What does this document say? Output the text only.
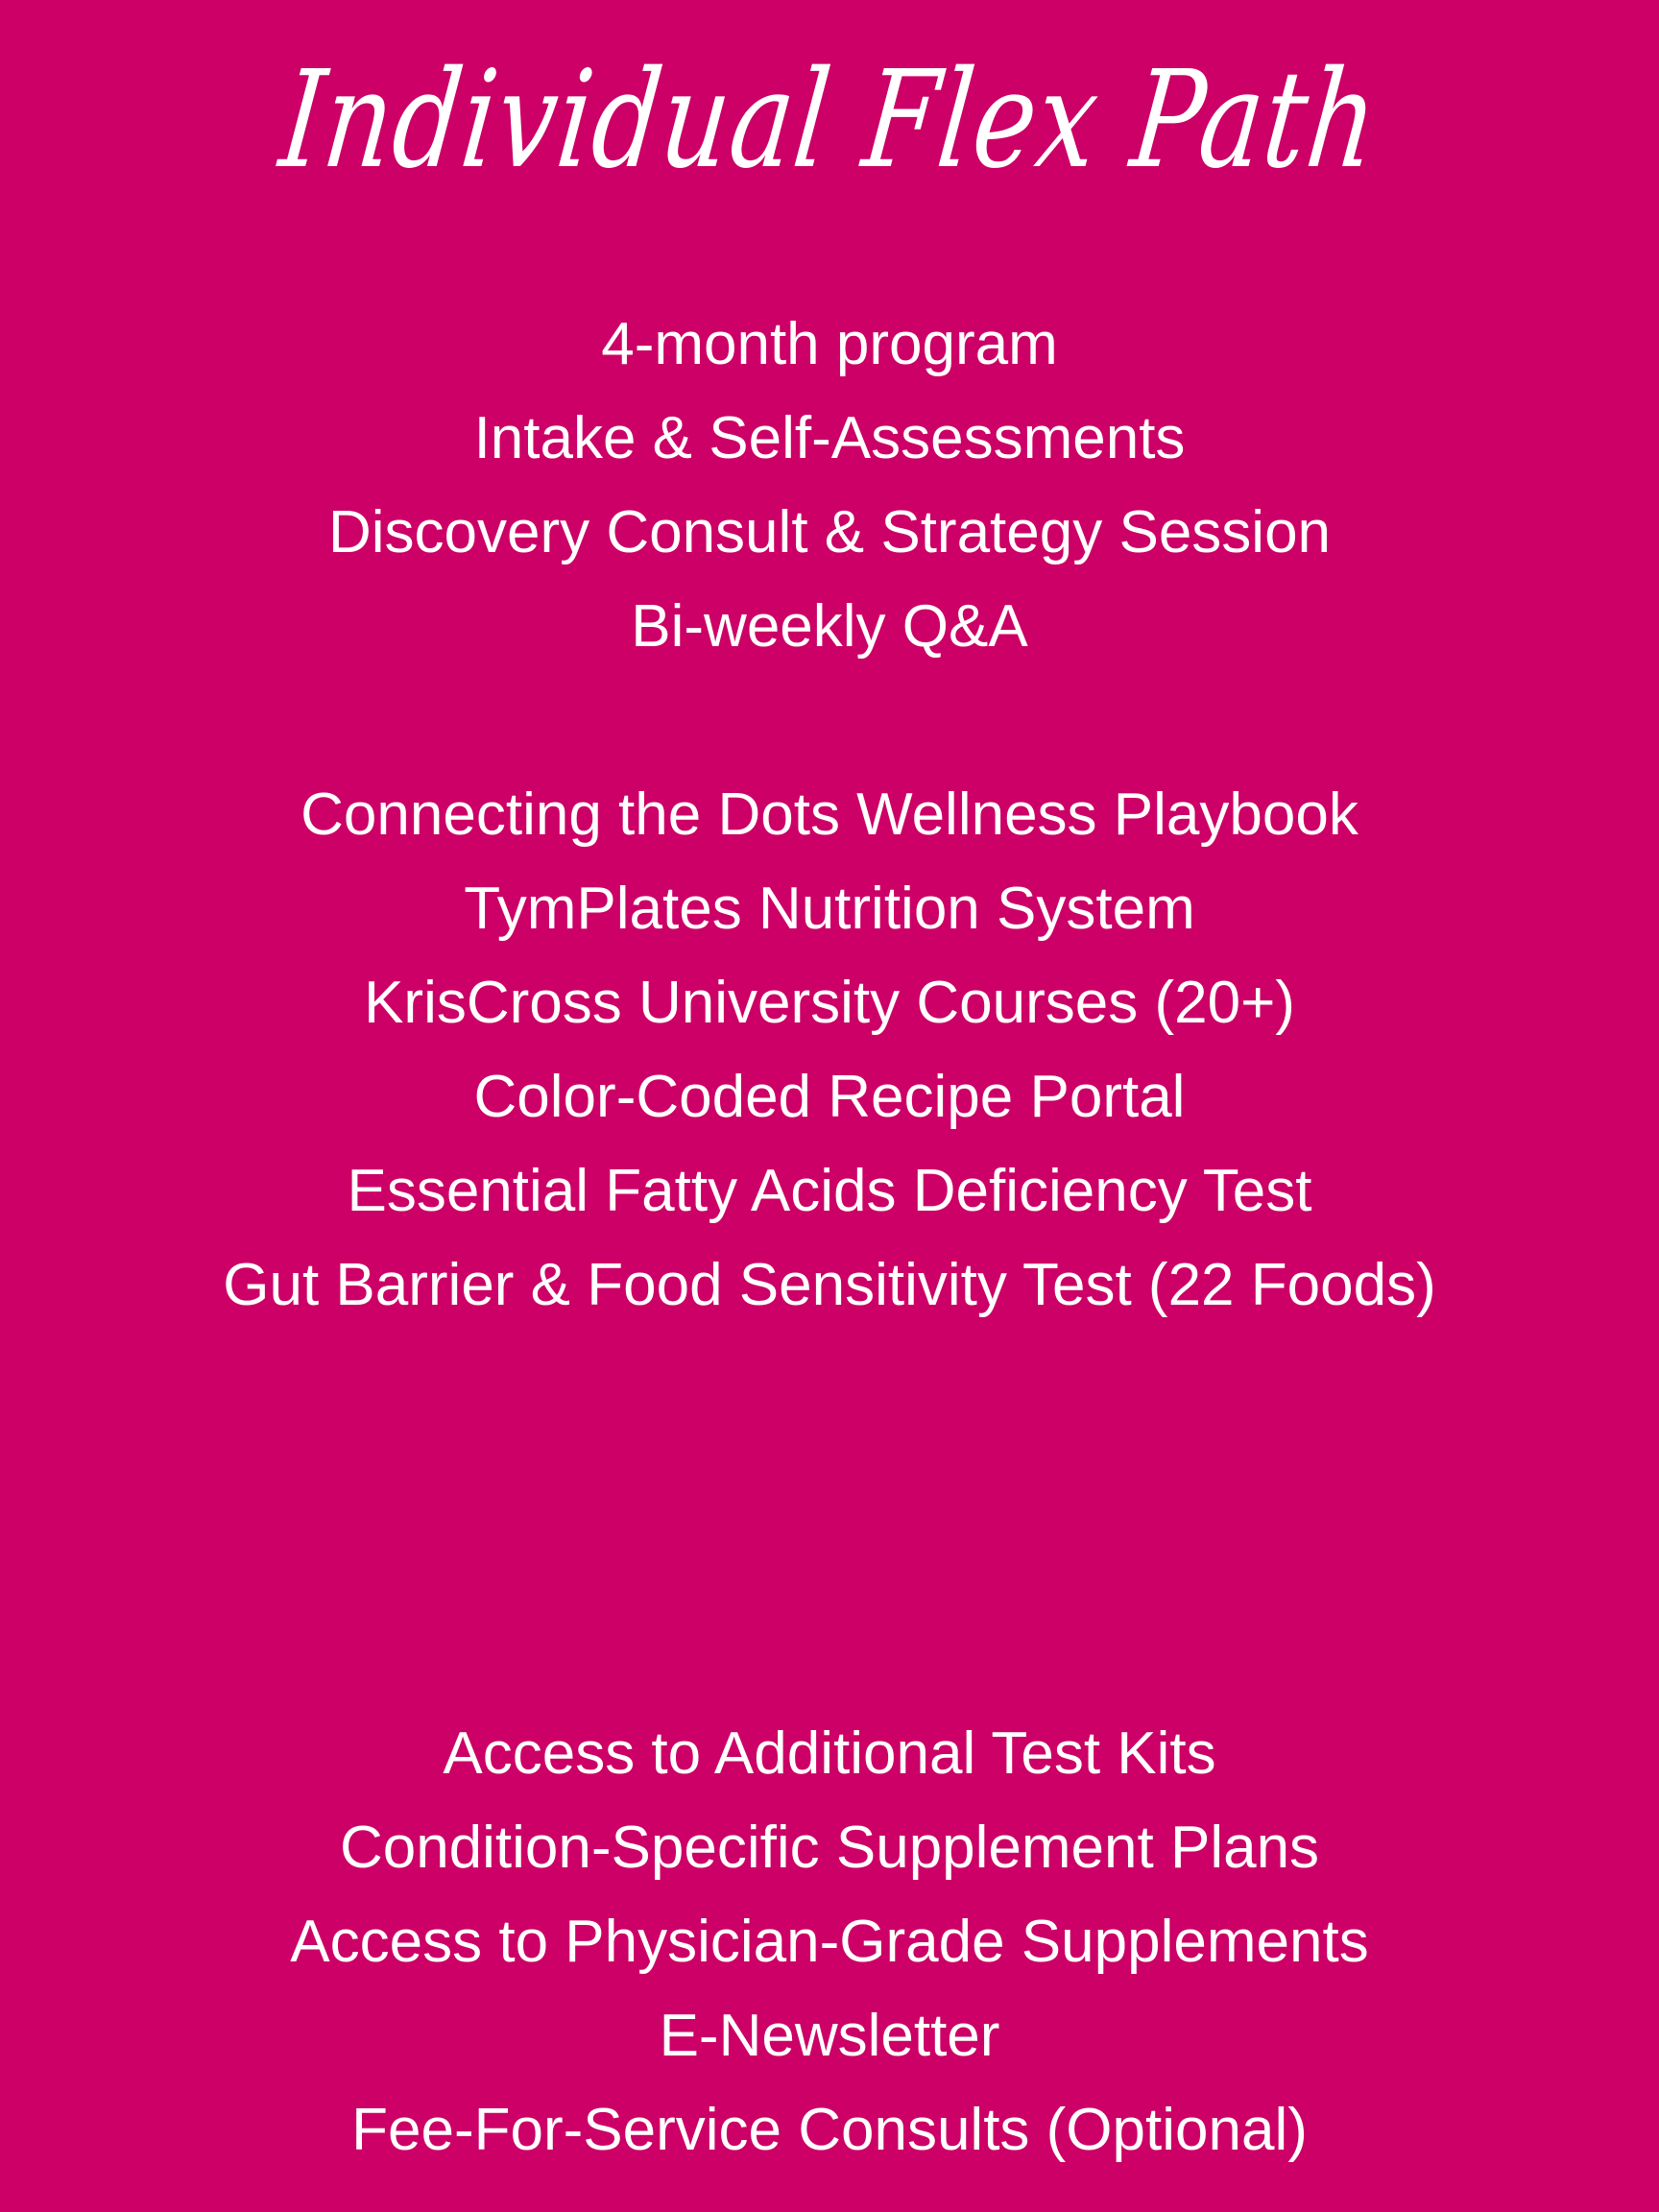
Individual Flex Path
4-month program
Intake & Self-Assessments
Discovery Consult & Strategy Session
Bi-weekly Q&A
Connecting the Dots Wellness Playbook
TymPlates Nutrition System
KrisCross University Courses (20+)
Color-Coded Recipe Portal
Essential Fatty Acids Deficiency Test
Gut Barrier & Food Sensitivity Test (22 Foods)
Access to Additional Test Kits
Condition-Specific Supplement Plans
Access to Physician-Grade Supplements
E-Newsletter
Fee-For-Service Consults (Optional)
